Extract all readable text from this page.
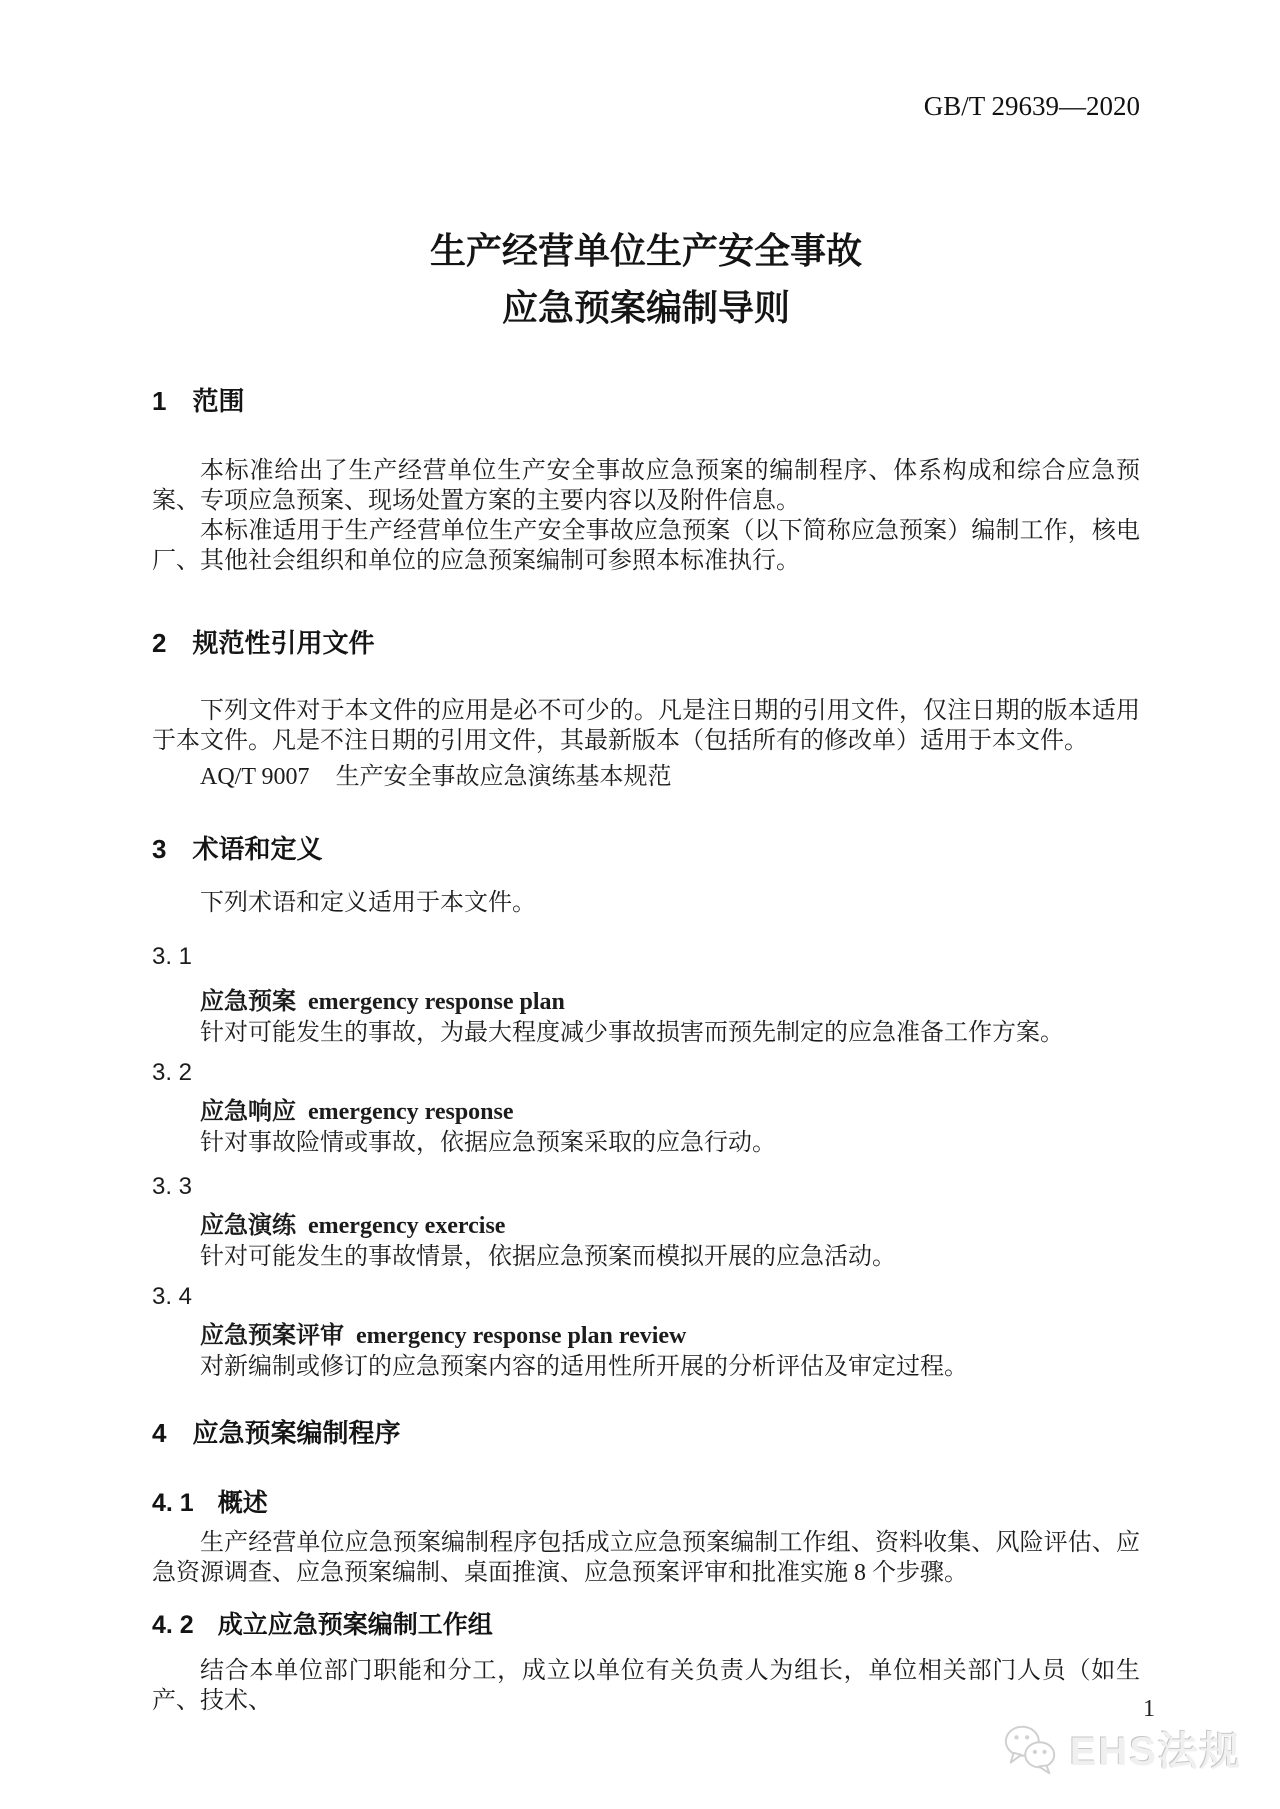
GB/T 29639—2020
生产经营单位生产安全事故
应急预案编制导则
1 范围

本标准给出了生产经营单位生产安全事故应急预案的编制程序、体系构成和综合应急预案、专项应急预案、现场处置方案的主要内容以及附件信息。

本标准适用于生产经营单位生产安全事故应急预案（以下简称应急预案）编制工作，核电厂、其他社会组织和单位的应急预案编制可参照本标准执行。

2 规范性引用文件

下列文件对于本文件的应用是必不可少的。凡是注日期的引用文件，仅注日期的版本适用于本文件。凡是不注日期的引用文件，其最新版本（包括所有的修改单）适用于本文件。

AQ/T 9007 生产安全事故应急演练基本规范

3 术语和定义

下列术语和定义适用于本文件。

3. 1

应急预案 emergency response plan

针对可能发生的事故，为最大程度减少事故损害而预先制定的应急准备工作方案。

3. 2

应急响应 emergency response

针对事故险情或事故，依据应急预案采取的应急行动。

3. 3

应急演练 emergency exercise

针对可能发生的事故情景，依据应急预案而模拟开展的应急活动。

3. 4

应急预案评审 emergency response plan review

对新编制或修订的应急预案内容的适用性所开展的分析评估及审定过程。

4 应急预案编制程序
4. 1 概述

生产经营单位应急预案编制程序包括成立应急预案编制工作组、资料收集、风险评估、应急资源调查、应急预案编制、桌面推演、应急预案评审和批准实施 8 个步骤。

4. 2 成立应急预案编制工作组

结合本单位部门职能和分工，成立以单位有关负责人为组长，单位相关部门人员（如生产、技术、	1
EHS法规
